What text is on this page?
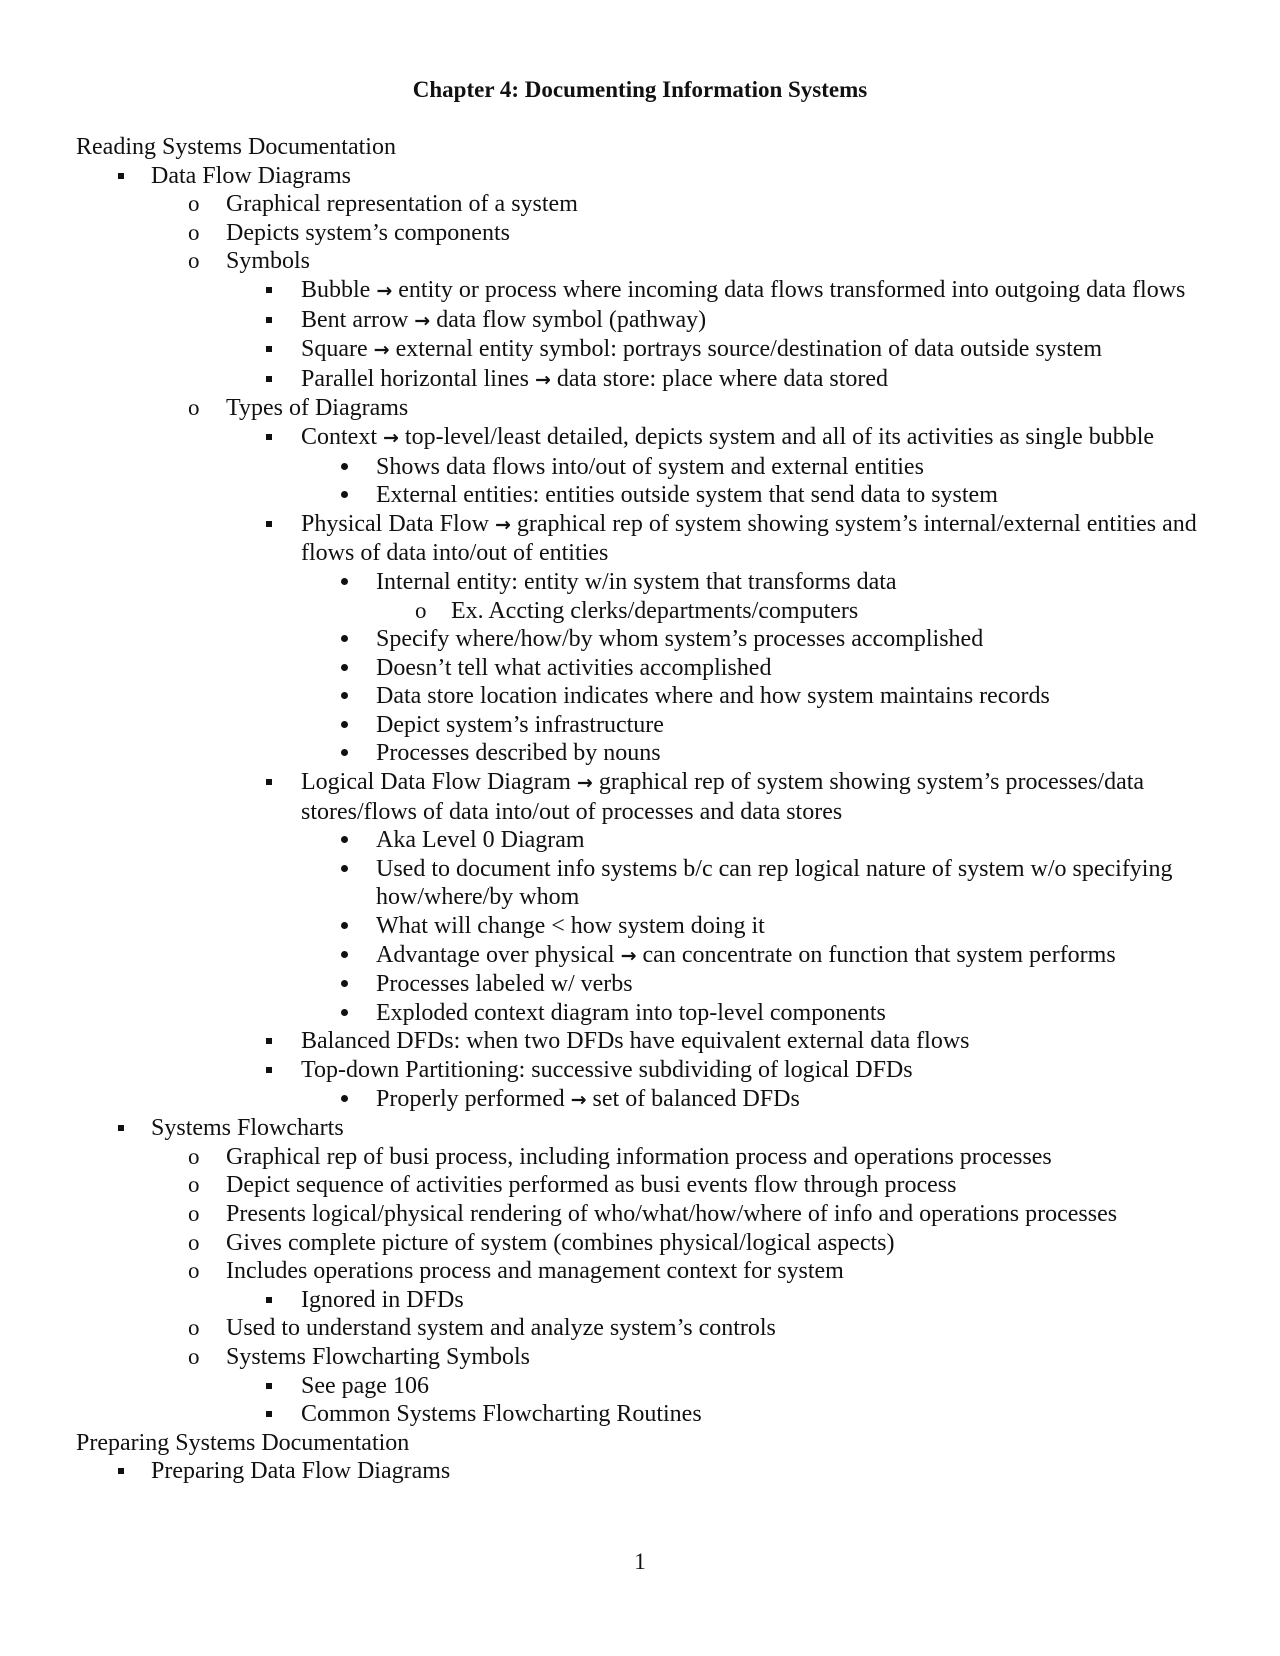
Chapter 4: Documenting Information Systems
Reading Systems Documentation
Data Flow Diagrams
o Graphical representation of a system
o Depicts system’s components
o Symbols
Bubble → entity or process where incoming data flows transformed into outgoing data flows
Bent arrow → data flow symbol (pathway)
Square → external entity symbol: portrays source/destination of data outside system
Parallel horizontal lines → data store: place where data stored
o Types of Diagrams
Context → top-level/least detailed, depicts system and all of its activities as single bubble
Shows data flows into/out of system and external entities
External entities: entities outside system that send data to system
Physical Data Flow → graphical rep of system showing system’s internal/external entities and flows of data into/out of entities
Internal entity: entity w/in system that transforms data
o Ex. Accting clerks/departments/computers
Specify where/how/by whom system’s processes accomplished
Doesn’t tell what activities accomplished
Data store location indicates where and how system maintains records
Depict system’s infrastructure
Processes described by nouns
Logical Data Flow Diagram → graphical rep of system showing system’s processes/data stores/flows of data into/out of processes and data stores
Aka Level 0 Diagram
Used to document info systems b/c can rep logical nature of system w/o specifying how/where/by whom
What will change < how system doing it
Advantage over physical → can concentrate on function that system performs
Processes labeled w/ verbs
Exploded context diagram into top-level components
Balanced DFDs: when two DFDs have equivalent external data flows
Top-down Partitioning: successive subdividing of logical DFDs
Properly performed → set of balanced DFDs
Systems Flowcharts
o Graphical rep of busi process, including information process and operations processes
o Depict sequence of activities performed as busi events flow through process
o Presents logical/physical rendering of who/what/how/where of info and operations processes
o Gives complete picture of system (combines physical/logical aspects)
o Includes operations process and management context for system
Ignored in DFDs
o Used to understand system and analyze system’s controls
o Systems Flowcharting Symbols
See page 106
Common Systems Flowcharting Routines
Preparing Systems Documentation
Preparing Data Flow Diagrams
1
